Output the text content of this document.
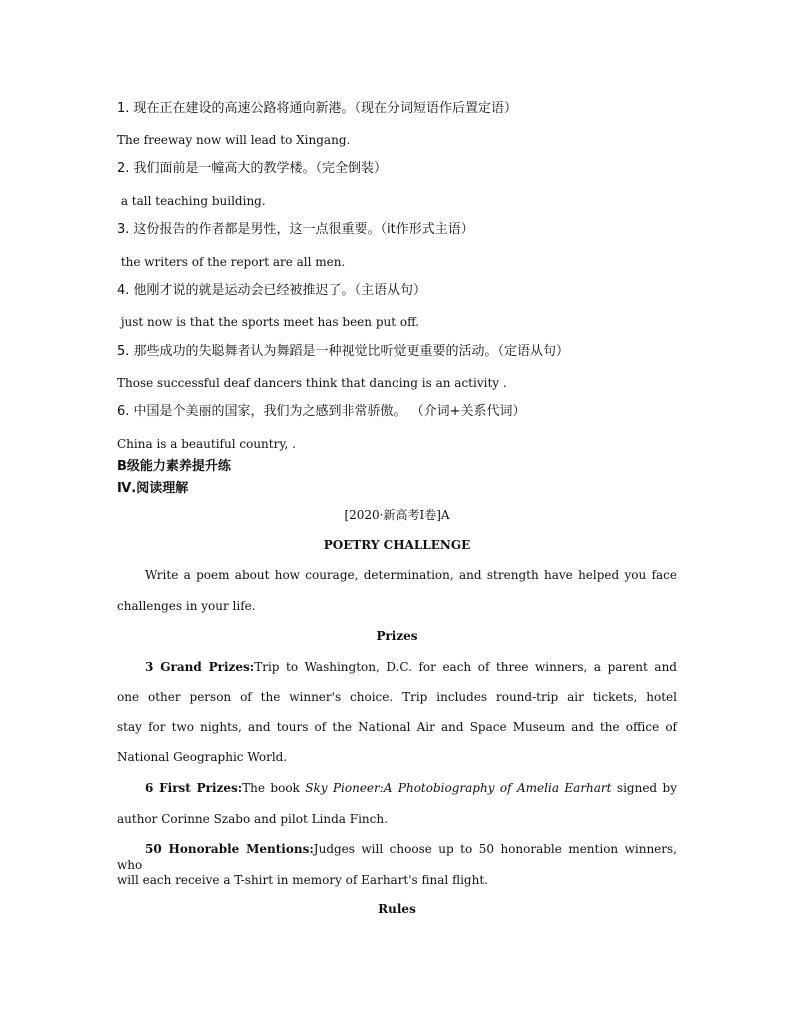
1. 现在正在建设的高速公路将通向新港。（现在分词短语作后置定语）
The freeway now will lead to Xingang.
2. 我们面前是一幢高大的教学楼。（完全倒装）
a tall teaching building.
3. 这份报告的作者都是男性，这一点很重要。（it作形式主语）
the writers of the report are all men.
4. 他刚才说的就是运动会已经被推迟了。（主语从句）
just now is that the sports meet has been put off.
5. 那些成功的失聪舞者认为舞蹈是一种视觉比听觉更重要的活动。（定语从句）
Those successful deaf dancers think that dancing is an activity .
6. 中国是个美丽的国家，我们为之感到非常骄傲。 （介词+关系代词）
China is a beautiful country, .
B级能力素养提升练
Ⅳ.阅读理解
[2020·新高考Ⅰ卷]A
POETRY CHALLENGE
Write a poem about how courage, determination, and strength have helped you face
challenges in your life.
Prizes
3 Grand Prizes:Trip to Washington, D.C. for each of three winners, a parent and
one other person of the winner's choice. Trip includes round-trip air tickets, hotel
stay for two nights, and tours of the National Air and Space Museum and the office of
National Geographic World.
6 First Prizes:The book Sky Pioneer:A Photobiography of Amelia Earhart signed by
author Corinne Szabo and pilot Linda Finch.
50 Honorable Mentions:Judges will choose up to 50 honorable mention winners, who
will each receive a T-shirt in memory of Earhart's final flight.
Rules
